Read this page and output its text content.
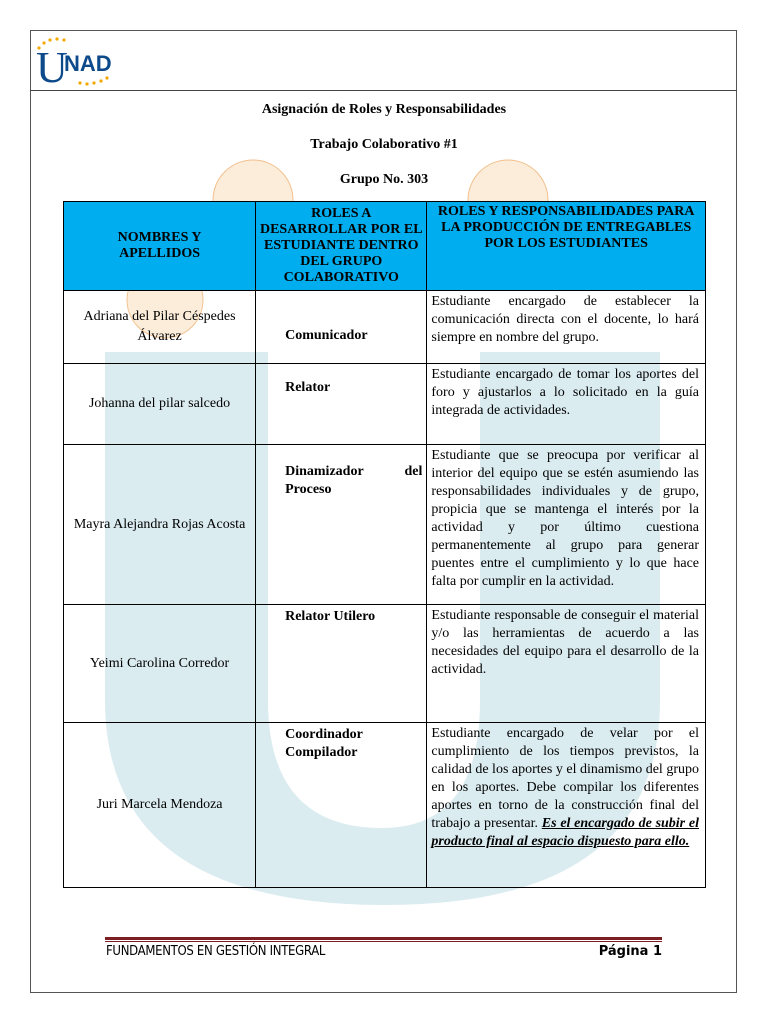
U
NAD
Asignación de Roles y Responsabilidades
Trabajo Colaborativo #1
Grupo No. 303
NOMBRES Y APELLIDOS	ROLES A DESARROLLAR POR EL ESTUDIANTE DENTRO DEL GRUPO COLABORATIVO	ROLES Y RESPONSABILIDADES PARA LA PRODUCCIÓN DE ENTREGABLES POR LOS ESTUDIANTES

Adriana del Pilar Céspedes Álvarez	Comunicador	Estudiante encargado de establecer la comunicación directa con el docente, lo hará siempre en nombre del grupo.

Johanna del pilar salcedo	Relator	Estudiante encargado de tomar los aportes del foro y ajustarlos a lo solicitado en la guía integrada de actividades.

Mayra Alejandra Rojas Acosta	Dinamizador del Proceso	Estudiante que se preocupa por verificar al interior del equipo que se estén asumiendo las responsabilidades individuales y de grupo, propicia que se mantenga el interés por la actividad y por último cuestiona permanentemente al grupo para generar puentes entre el cumplimiento y lo que hace falta por cumplir en la actividad.

Yeimi Carolina Corredor	Relator Utilero	Estudiante responsable de conseguir el material y/o las herramientas de acuerdo a las necesidades del equipo para el desarrollo de la actividad.

Juri Marcela Mendoza	Coordinador Compilador	Estudiante encargado de velar por el cumplimiento de los tiempos previstos, la calidad de los aportes y el dinamismo del grupo en los aportes. Debe compilar los diferentes aportes en torno de la construcción final del trabajo a presentar. Es el encargado de subir el producto final al espacio dispuesto para ello.
FUNDAMENTOS EN GESTIÓN INTEGRAL	Página 1
